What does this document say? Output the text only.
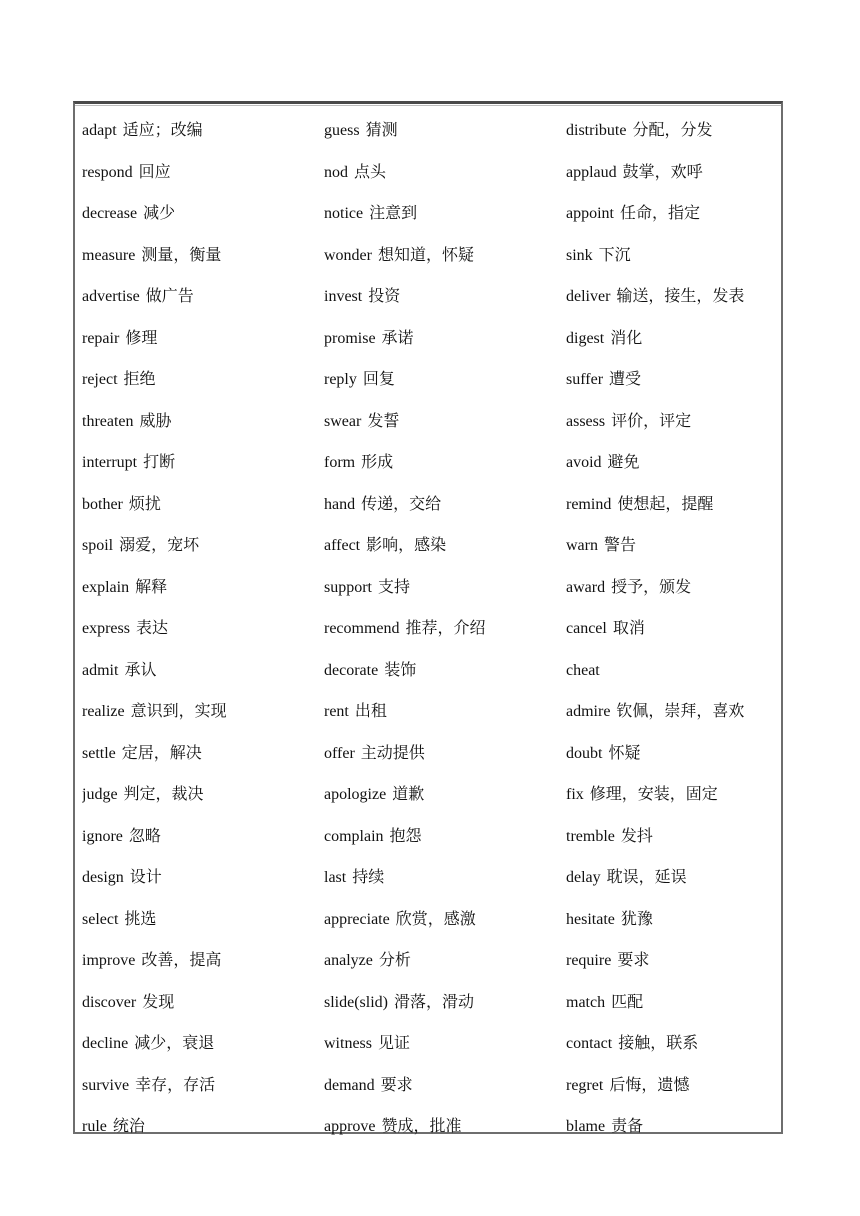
adapt 适应；改编	guess 猜测	distribute 分配，分发
respond 回应	nod 点头	applaud 鼓掌，欢呼
decrease 减少	notice 注意到	appoint 任命，指定
measure 测量，衡量	wonder 想知道，怀疑	sink 下沉
advertise 做广告	invest 投资	deliver 输送，接生，发表
repair 修理	promise 承诺	digest 消化
reject 拒绝	reply 回复	suffer 遭受
threaten 威胁	swear 发誓	assess 评价，评定
interrupt 打断	form 形成	avoid 避免
bother 烦扰	hand 传递，交给	remind 使想起，提醒
spoil 溺爱，宠坏	affect 影响，感染	warn 警告
explain 解释	support 支持	award 授予，颁发
express 表达	recommend 推荐，介绍	cancel 取消
admit 承认	decorate 装饰	cheat
realize 意识到，实现	rent 出租	admire 钦佩，崇拜，喜欢
settle 定居，解决	offer 主动提供	doubt 怀疑
judge 判定，裁决	apologize 道歉	fix 修理，安装，固定
ignore 忽略	complain 抱怨	tremble 发抖
design 设计	last 持续	delay 耽误，延误
select 挑选	appreciate 欣赏，感激	hesitate 犹豫
improve 改善，提高	analyze 分析	require 要求
discover 发现	slide(slid) 滑落，滑动	match 匹配
decline 减少，衰退	witness 见证	contact 接触，联系
survive 幸存，存活	demand 要求	regret 后悔，遗憾
rule 统治	approve 赞成，批准	blame 责备
